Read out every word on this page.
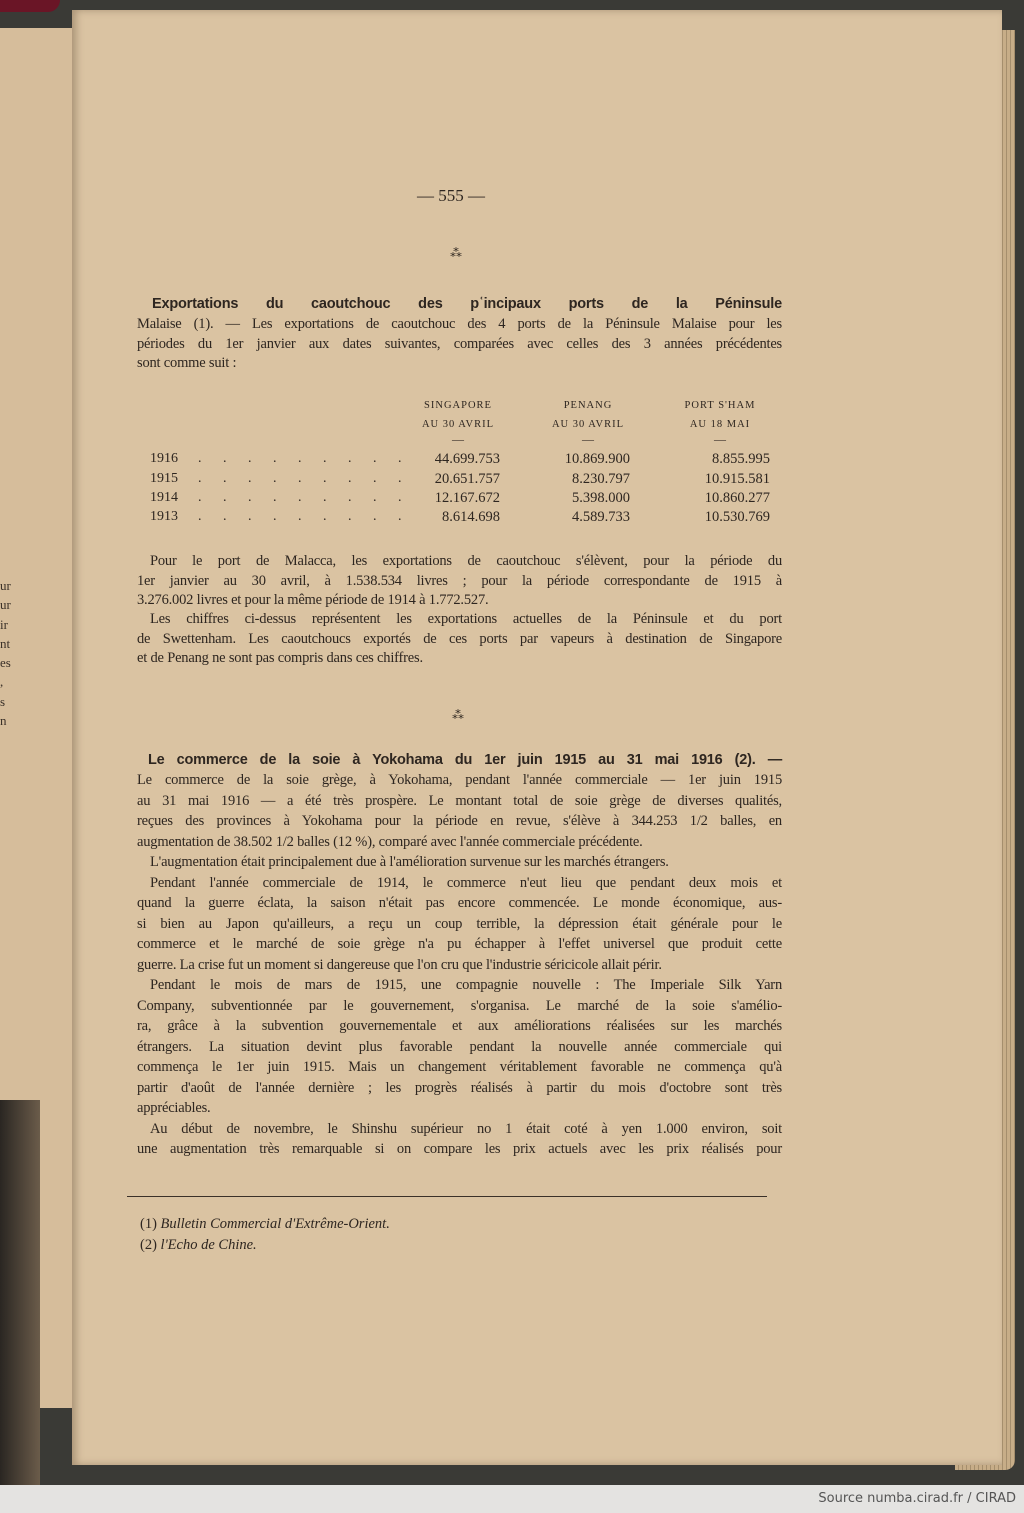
ur
ur
ir
nt
es
,
s
n
— 555 —
⁂
Exportations du caoutchouc des pʿincipaux ports de la Péninsule
Malaise (1). — Les exportations de caoutchouc des 4 ports de la Péninsule Malaise pour les
périodes du 1er janvier aux dates suivantes, comparées avec celles des 3 années précédentes
sont comme suit :
SINGAPORE	PENANG	PORT S'HAM
AU 30 AVRIL	AU 30 AVRIL	AU 18 MAI
—	—	—
1916 . . . . . . . . .	44.699.753	10.869.900	8.855.995
1915 . . . . . . . . .	20.651.757	8.230.797	10.915.581
1914 . . . . . . . . .	12.167.672	5.398.000	10.860.277
1913 . . . . . . . . .	8.614.698	4.589.733	10.530.769
Pour le port de Malacca, les exportations de caoutchouc s'élèvent, pour la période du
1er janvier au 30 avril, à 1.538.534 livres ; pour la période correspondante de 1915 à
3.276.002 livres et pour la même période de 1914 à 1.772.527.
Les chiffres ci-dessus représentent les exportations actuelles de la Péninsule et du port
de Swettenham. Les caoutchoucs exportés de ces ports par vapeurs à destination de Singapore
et de Penang ne sont pas compris dans ces chiffres.
⁂
Le commerce de la soie à Yokohama du 1er juin 1915 au 31 mai 1916 (2). —
Le commerce de la soie grège, à Yokohama, pendant l'année commerciale — 1er juin 1915
au 31 mai 1916 — a été très prospère. Le montant total de soie grège de diverses qualités,
reçues des provinces à Yokohama pour la période en revue, s'élève à 344.253 1/2 balles, en
augmentation de 38.502 1/2 balles (12 %), comparé avec l'année commerciale précédente.
L'augmentation était principalement due à l'amélioration survenue sur les marchés étrangers.
Pendant l'année commerciale de 1914, le commerce n'eut lieu que pendant deux mois et
quand la guerre éclata, la saison n'était pas encore commencée. Le monde économique, aus-
si bien au Japon qu'ailleurs, a reçu un coup terrible, la dépression était générale pour le
commerce et le marché de soie grège n'a pu échapper à l'effet universel que produit cette
guerre. La crise fut un moment si dangereuse que l'on cru que l'industrie séricicole allait périr.
Pendant le mois de mars de 1915, une compagnie nouvelle : The Imperiale Silk Yarn
Company, subventionnée par le gouvernement, s'organisa. Le marché de la soie s'amélio-
ra, grâce à la subvention gouvernementale et aux améliorations réalisées sur les marchés
étrangers. La situation devint plus favorable pendant la nouvelle année commerciale qui
commença le 1er juin 1915. Mais un changement véritablement favorable ne commença qu'à
partir d'août de l'année dernière ; les progrès réalisés à partir du mois d'octobre sont très
appréciables.
Au début de novembre, le Shinshu supérieur no 1 était coté à yen 1.000 environ, soit
une augmentation très remarquable si on compare les prix actuels avec les prix réalisés pour
(1) Bulletin Commercial d'Extrême-Orient.
(2) l'Echo de Chine.
Source numba.cirad.fr / CIRAD
